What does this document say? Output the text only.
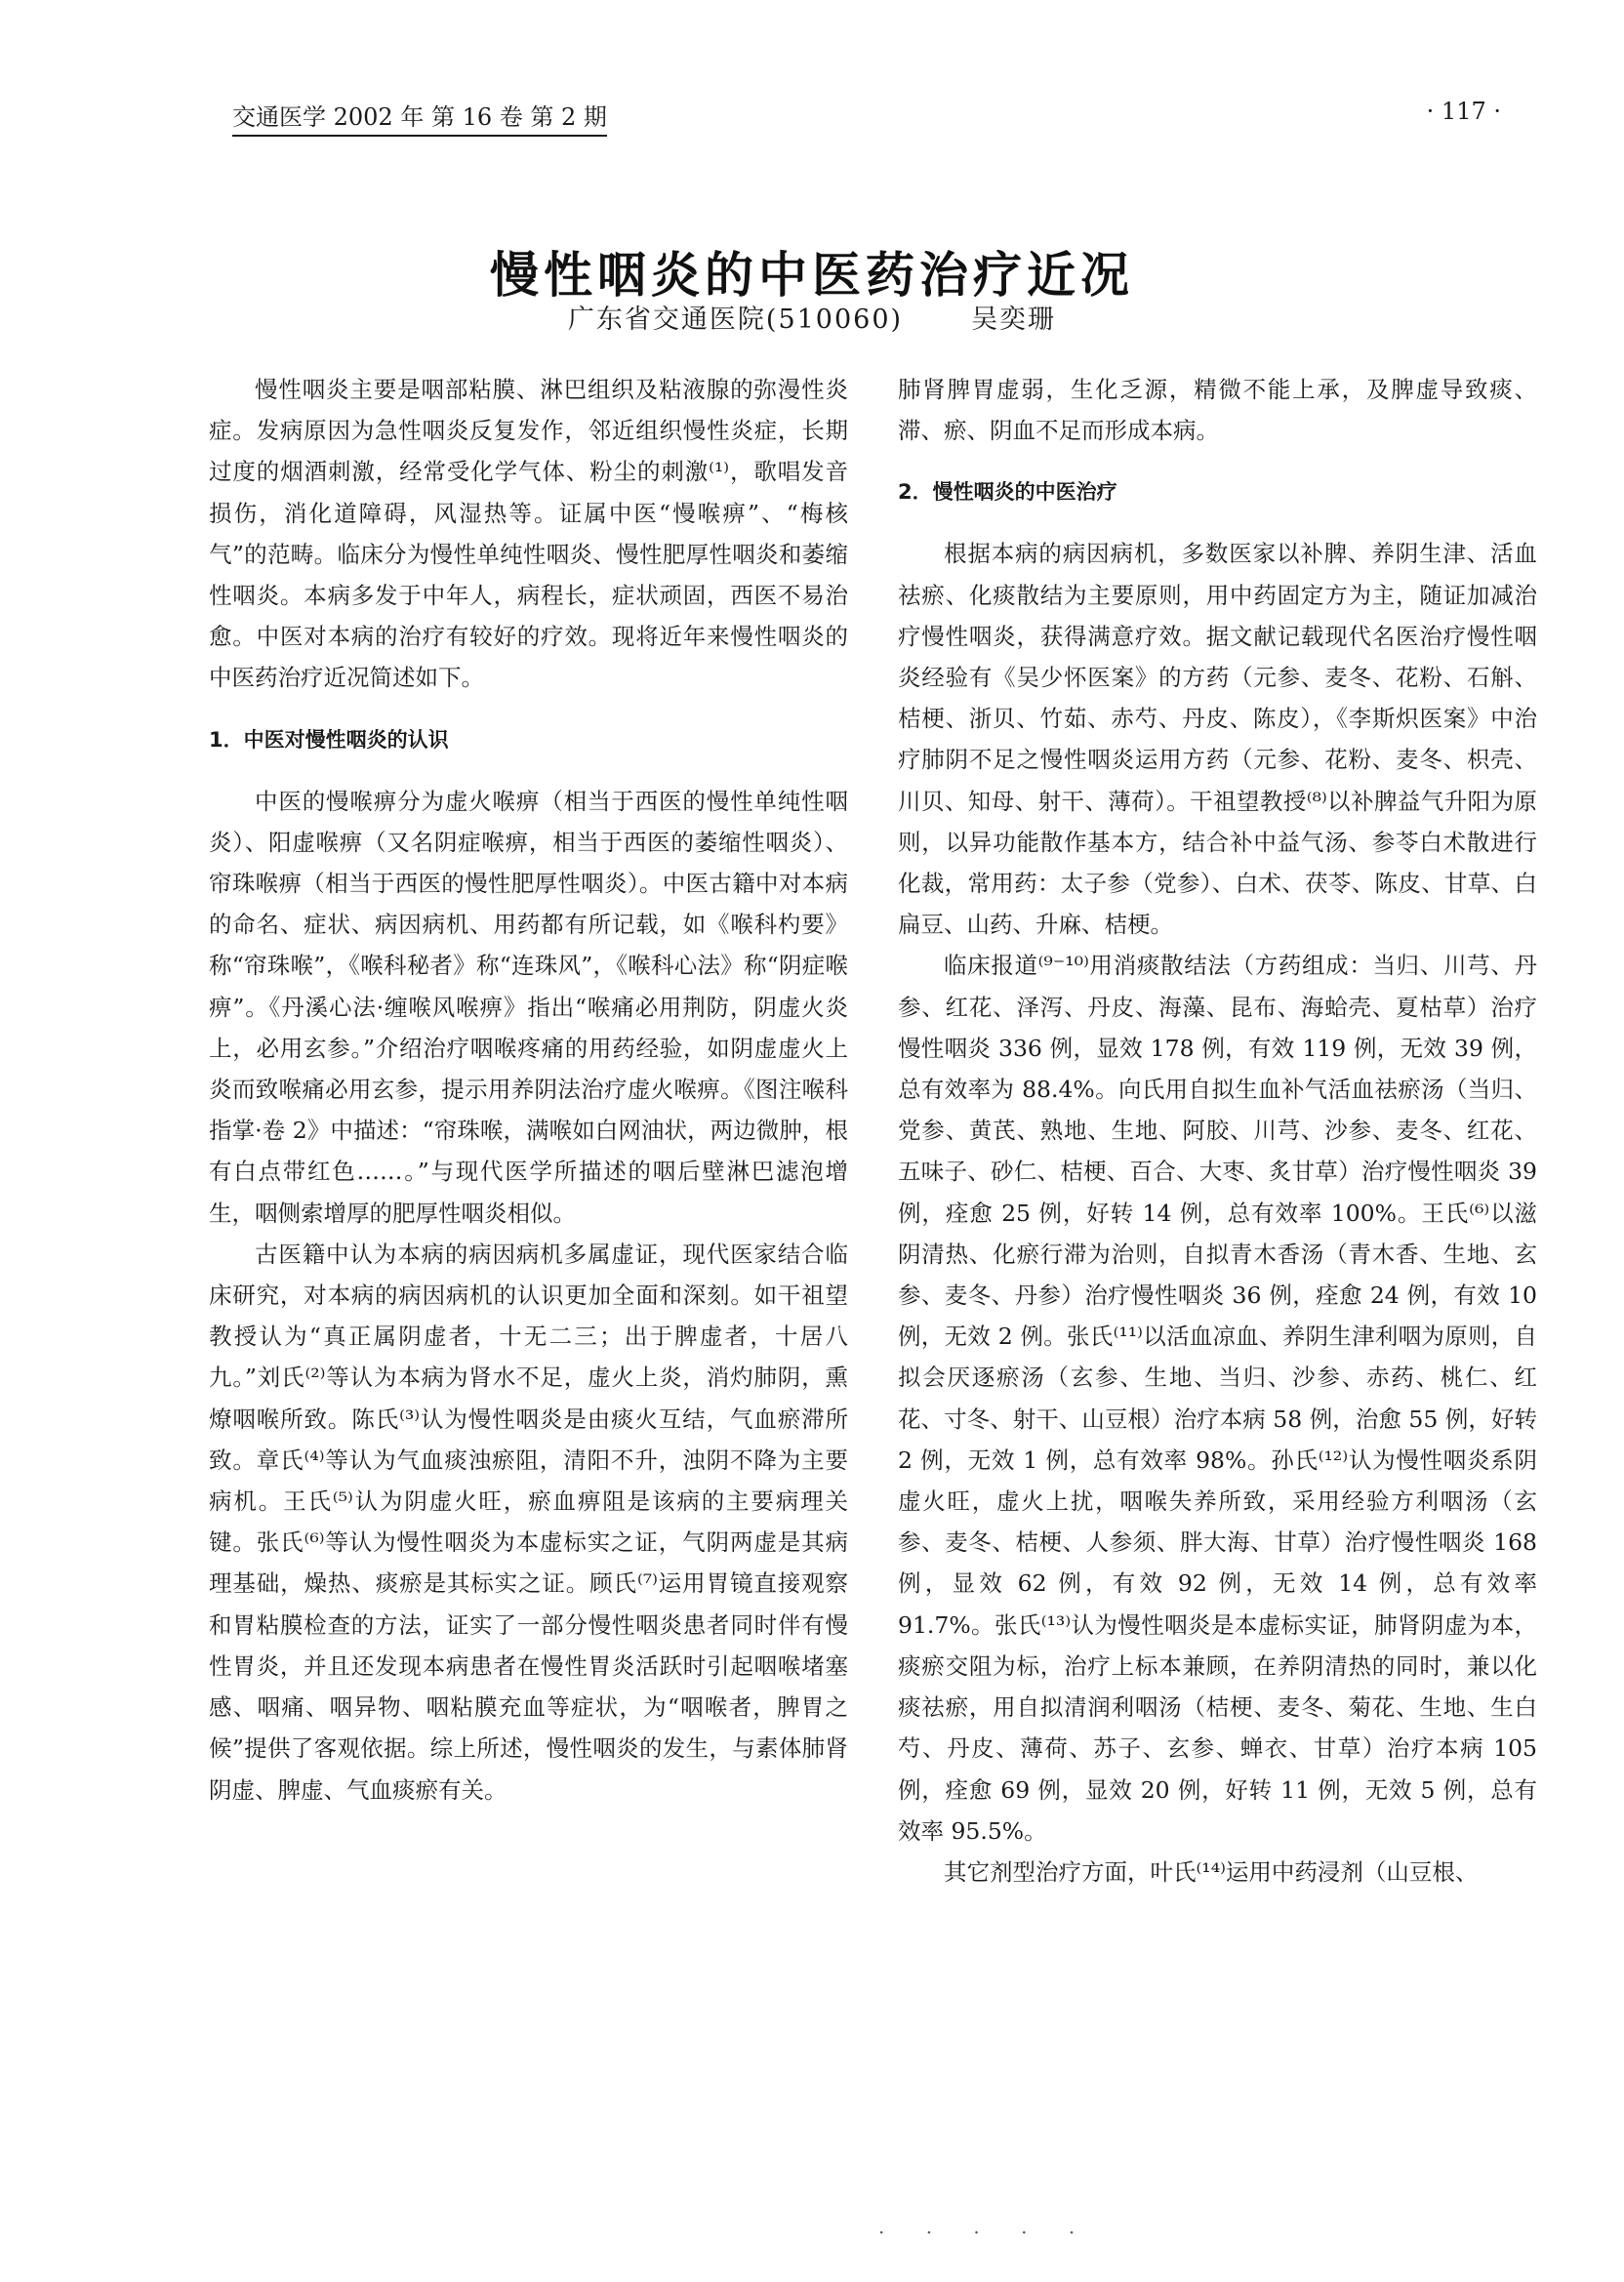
交通医学 2002 年 第 16 卷 第 2 期	· 117 ·
慢性咽炎的中医药治疗近况
广东省交通医院(510060)	吴奕珊

慢性咽炎主要是咽部粘膜、淋巴组织及粘液腺的弥漫性炎症。发病原因为急性咽炎反复发作，邻近组织慢性炎症，长期过度的烟酒刺激，经常受化学气体、粉尘的刺激⁽¹⁾，歌唱发音损伤，消化道障碍，风湿热等。证属中医“慢喉痹”、“梅核气”的范畴。临床分为慢性单纯性咽炎、慢性肥厚性咽炎和萎缩性咽炎。本病多发于中年人，病程长，症状顽固，西医不易治愈。中医对本病的治疗有较好的疗效。现将近年来慢性咽炎的中医药治疗近况简述如下。

1．中医对慢性咽炎的认识

中医的慢喉痹分为虚火喉痹（相当于西医的慢性单纯性咽炎）、阳虚喉痹（又名阴症喉痹，相当于西医的萎缩性咽炎）、帘珠喉痹（相当于西医的慢性肥厚性咽炎）。中医古籍中对本病的命名、症状、病因病机、用药都有所记载，如《喉科杓要》称“帘珠喉”，《喉科秘者》称“连珠风”，《喉科心法》称“阴症喉痹”。《丹溪心法·缠喉风喉痹》指出“喉痛必用荆防，阴虚火炎上，必用玄参。”介绍治疗咽喉疼痛的用药经验，如阴虚虚火上炎而致喉痛必用玄参，提示用养阴法治疗虚火喉痹。《图注喉科指掌·卷 2》中描述：“帘珠喉，满喉如白网油状，两边微肿，根有白点带红色……。”与现代医学所描述的咽后壁淋巴滤泡增生，咽侧索增厚的肥厚性咽炎相似。

古医籍中认为本病的病因病机多属虚证，现代医家结合临床研究，对本病的病因病机的认识更加全面和深刻。如干祖望教授认为“真正属阴虚者，十无二三；出于脾虚者，十居八九。”刘氏⁽²⁾等认为本病为肾水不足，虚火上炎，消灼肺阴，熏燎咽喉所致。陈氏⁽³⁾认为慢性咽炎是由痰火互结，气血瘀滞所致。章氏⁽⁴⁾等认为气血痰浊瘀阻，清阳不升，浊阴不降为主要病机。王氏⁽⁵⁾认为阴虚火旺，瘀血痹阻是该病的主要病理关键。张氏⁽⁶⁾等认为慢性咽炎为本虚标实之证，气阴两虚是其病理基础，燥热、痰瘀是其标实之证。顾氏⁽⁷⁾运用胃镜直接观察和胃粘膜检查的方法，证实了一部分慢性咽炎患者同时伴有慢性胃炎，并且还发现本病患者在慢性胃炎活跃时引起咽喉堵塞感、咽痛、咽异物、咽粘膜充血等症状，为“咽喉者，脾胃之候”提供了客观依据。综上所述，慢性咽炎的发生，与素体肺肾阴虚、脾虚、气血痰瘀有关。

肺肾脾胃虚弱，生化乏源，精微不能上承，及脾虚导致痰、滞、瘀、阴血不足而形成本病。

2．慢性咽炎的中医治疗

根据本病的病因病机，多数医家以补脾、养阴生津、活血祛瘀、化痰散结为主要原则，用中药固定方为主，随证加减治疗慢性咽炎，获得满意疗效。据文献记载现代名医治疗慢性咽炎经验有《吴少怀医案》的方药（元参、麦冬、花粉、石斛、桔梗、浙贝、竹茹、赤芍、丹皮、陈皮），《李斯炽医案》中治疗肺阴不足之慢性咽炎运用方药（元参、花粉、麦冬、枳壳、川贝、知母、射干、薄荷）。干祖望教授⁽⁸⁾以补脾益气升阳为原则，以异功能散作基本方，结合补中益气汤、参苓白术散进行化裁，常用药：太子参（党参）、白术、茯苓、陈皮、甘草、白扁豆、山药、升麻、桔梗。

临床报道⁽⁹⁻¹⁰⁾用消痰散结法（方药组成：当归、川芎、丹参、红花、泽泻、丹皮、海藻、昆布、海蛤壳、夏枯草）治疗慢性咽炎 336 例，显效 178 例，有效 119 例，无效 39 例，总有效率为 88.4%。向氏用自拟生血补气活血祛瘀汤（当归、党参、黄芪、熟地、生地、阿胶、川芎、沙参、麦冬、红花、五味子、砂仁、桔梗、百合、大枣、炙甘草）治疗慢性咽炎 39 例，痊愈 25 例，好转 14 例，总有效率 100%。王氏⁽⁶⁾以滋阴清热、化瘀行滞为治则，自拟青木香汤（青木香、生地、玄参、麦冬、丹参）治疗慢性咽炎 36 例，痊愈 24 例，有效 10 例，无效 2 例。张氏⁽¹¹⁾以活血凉血、养阴生津利咽为原则，自拟会厌逐瘀汤（玄参、生地、当归、沙参、赤药、桃仁、红花、寸冬、射干、山豆根）治疗本病 58 例，治愈 55 例，好转 2 例，无效 1 例，总有效率 98%。孙氏⁽¹²⁾认为慢性咽炎系阴虚火旺，虚火上扰，咽喉失养所致，采用经验方利咽汤（玄参、麦冬、桔梗、人参须、胖大海、甘草）治疗慢性咽炎 168 例，显效 62 例，有效 92 例，无效 14 例，总有效率 91.7%。张氏⁽¹³⁾认为慢性咽炎是本虚标实证，肺肾阴虚为本，痰瘀交阻为标，治疗上标本兼顾，在养阴清热的同时，兼以化痰祛瘀，用自拟清润利咽汤（桔梗、麦冬、菊花、生地、生白芍、丹皮、薄荷、苏子、玄参、蝉衣、甘草）治疗本病 105 例，痊愈 69 例，显效 20 例，好转 11 例，无效 5 例，总有效率 95.5%。

其它剂型治疗方面，叶氏⁽¹⁴⁾运用中药浸剂（山豆根、

· · · · ·
